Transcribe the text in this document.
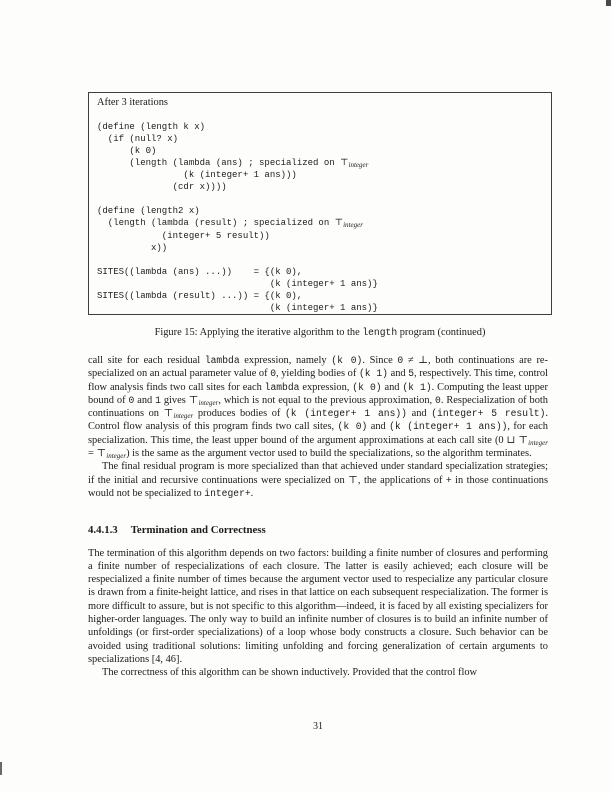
After 3 iterations

(define (length k x)
(if (null? x)
(k 0)
(length (lambda (ans) ; specialized on $⊤_{integer}$
(k (integer+ 1 ans)))
(cdr x))))

(define (length2 x)
(length (lambda (result) ; specialized on $⊤_{integer}$
(integer+ 5 result))
x))

SITES((lambda (ans) ...))    = {(k 0),
(k (integer+ 1 ans)}
SITES((lambda (result) ...)) = {(k 0),
(k (integer+ 1 ans)}
Figure 15: Applying the iterative algorithm to the length program (continued)

call site for each residual lambda expression, namely (k 0). Since 0 ≠ ⊥, both continuations are re-specialized on an actual parameter value of 0, yielding bodies of (k 1) and 5, respectively. This time, control flow analysis finds two call sites for each lambda expression, (k 0) and (k 1). Computing the least upper bound of 0 and 1 gives $⊤_{integer}$, which is not equal to the previous approximation, 0. Respecialization of both continuations on $⊤_{integer}$ produces bodies of (k (integer+ 1 ans)) and (integer+ 5 result). Control flow analysis of this program finds two call sites, (k 0) and (k (integer+ 1 ans)), for each specialization. This time, the least upper bound of the argument approximations at each call site (0 ⊔ $⊤_{integer}$ = $⊤_{integer}$) is the same as the argument vector used to build the specializations, so the algorithm terminates.

The final residual program is more specialized than that achieved under standard specialization strategies; if the initial and recursive continuations were specialized on ⊤, the applications of + in those continuations would not be specialized to integer+.

4.4.1.3 Termination and Correctness

The termination of this algorithm depends on two factors: building a finite number of closures and performing a finite number of respecializations of each closure. The latter is easily achieved; each closure will be respecialized a finite number of times because the argument vector used to respecialize any particular closure is drawn from a finite-height lattice, and rises in that lattice on each subsequent respecialization. The former is more difficult to assure, but is not specific to this algorithm—indeed, it is faced by all existing specializers for higher-order languages. The only way to build an infinite number of closures is to build an infinite number of unfoldings (or first-order specializations) of a loop whose body constructs a closure. Such behavior can be avoided using traditional solutions: limiting unfolding and forcing generalization of certain arguments to specializations [4, 46].

The correctness of this algorithm can be shown inductively. Provided that the control flow

31
